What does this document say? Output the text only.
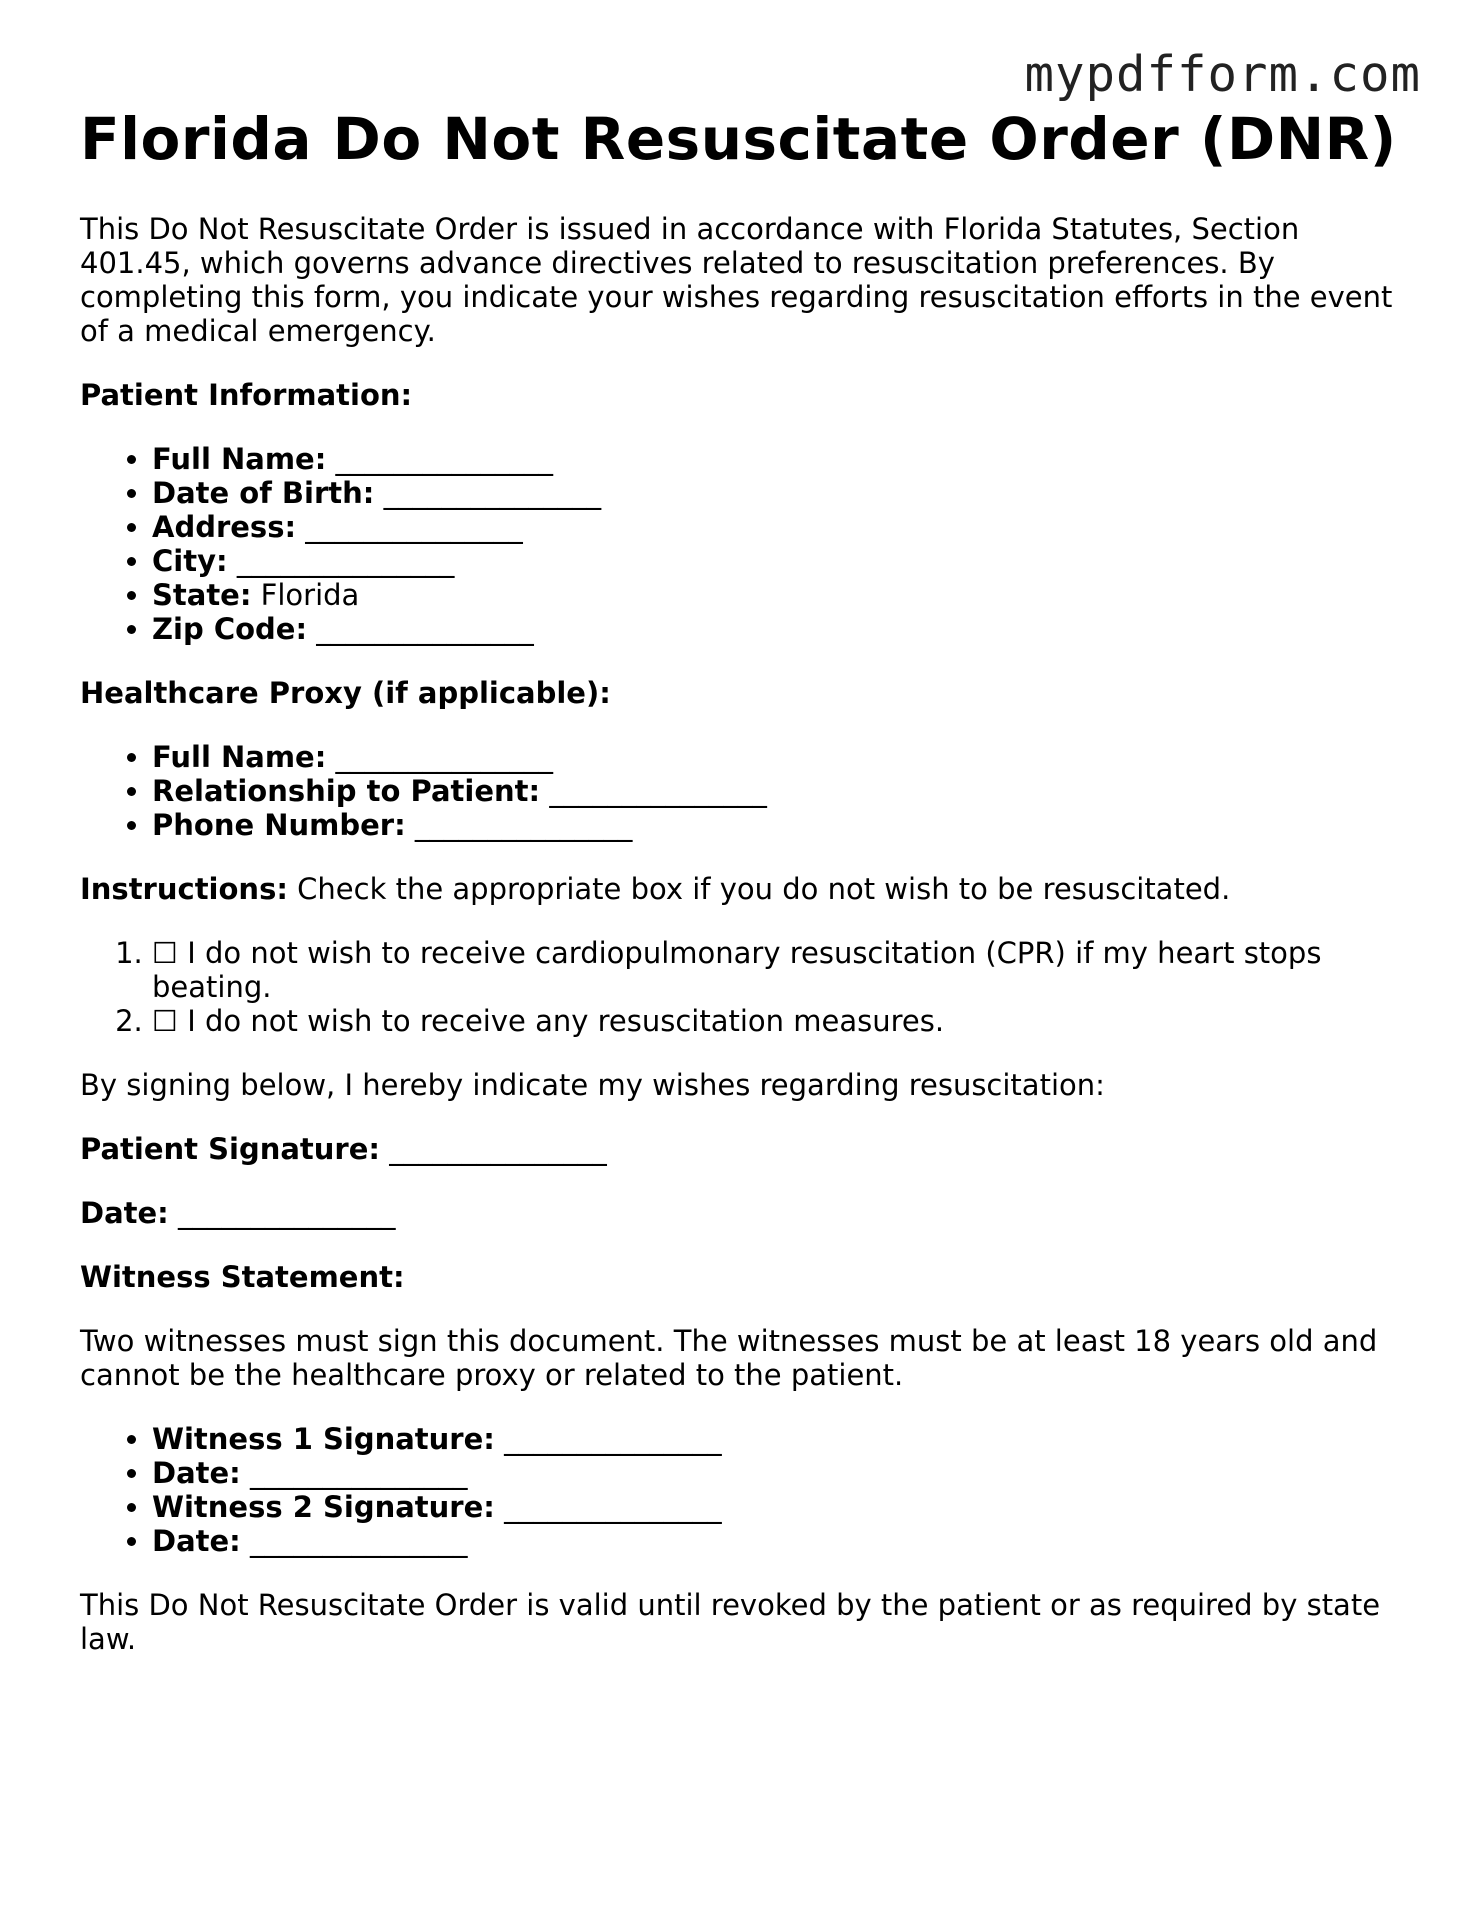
mypdfform.com
Florida Do Not Resuscitate Order (DNR)

This Do Not Resuscitate Order is issued in accordance with Florida Statutes, Section 401.45, which governs advance directives related to resuscitation preferences. By completing this form, you indicate your wishes regarding resuscitation efforts in the event of a medical emergency.

Patient Information:
• Full Name: _______________
• Date of Birth: _______________
• Address: _______________
• City: _______________
• State: Florida
• Zip Code: _______________
Healthcare Proxy (if applicable):
• Full Name: _______________
• Relationship to Patient: _______________
• Phone Number: _______________

Instructions: Check the appropriate box if you do not wish to be resuscitated.

1. ☐ I do not wish to receive cardiopulmonary resuscitation (CPR) if my heart stops beating.
2. ☐ I do not wish to receive any resuscitation measures.

By signing below, I hereby indicate my wishes regarding resuscitation:

Patient Signature: _______________

Date: _______________

Witness Statement:

Two witnesses must sign this document. The witnesses must be at least 18 years old and cannot be the healthcare proxy or related to the patient.

• Witness 1 Signature: _______________
• Date: _______________
• Witness 2 Signature: _______________
• Date: _______________

This Do Not Resuscitate Order is valid until revoked by the patient or as required by state law.
